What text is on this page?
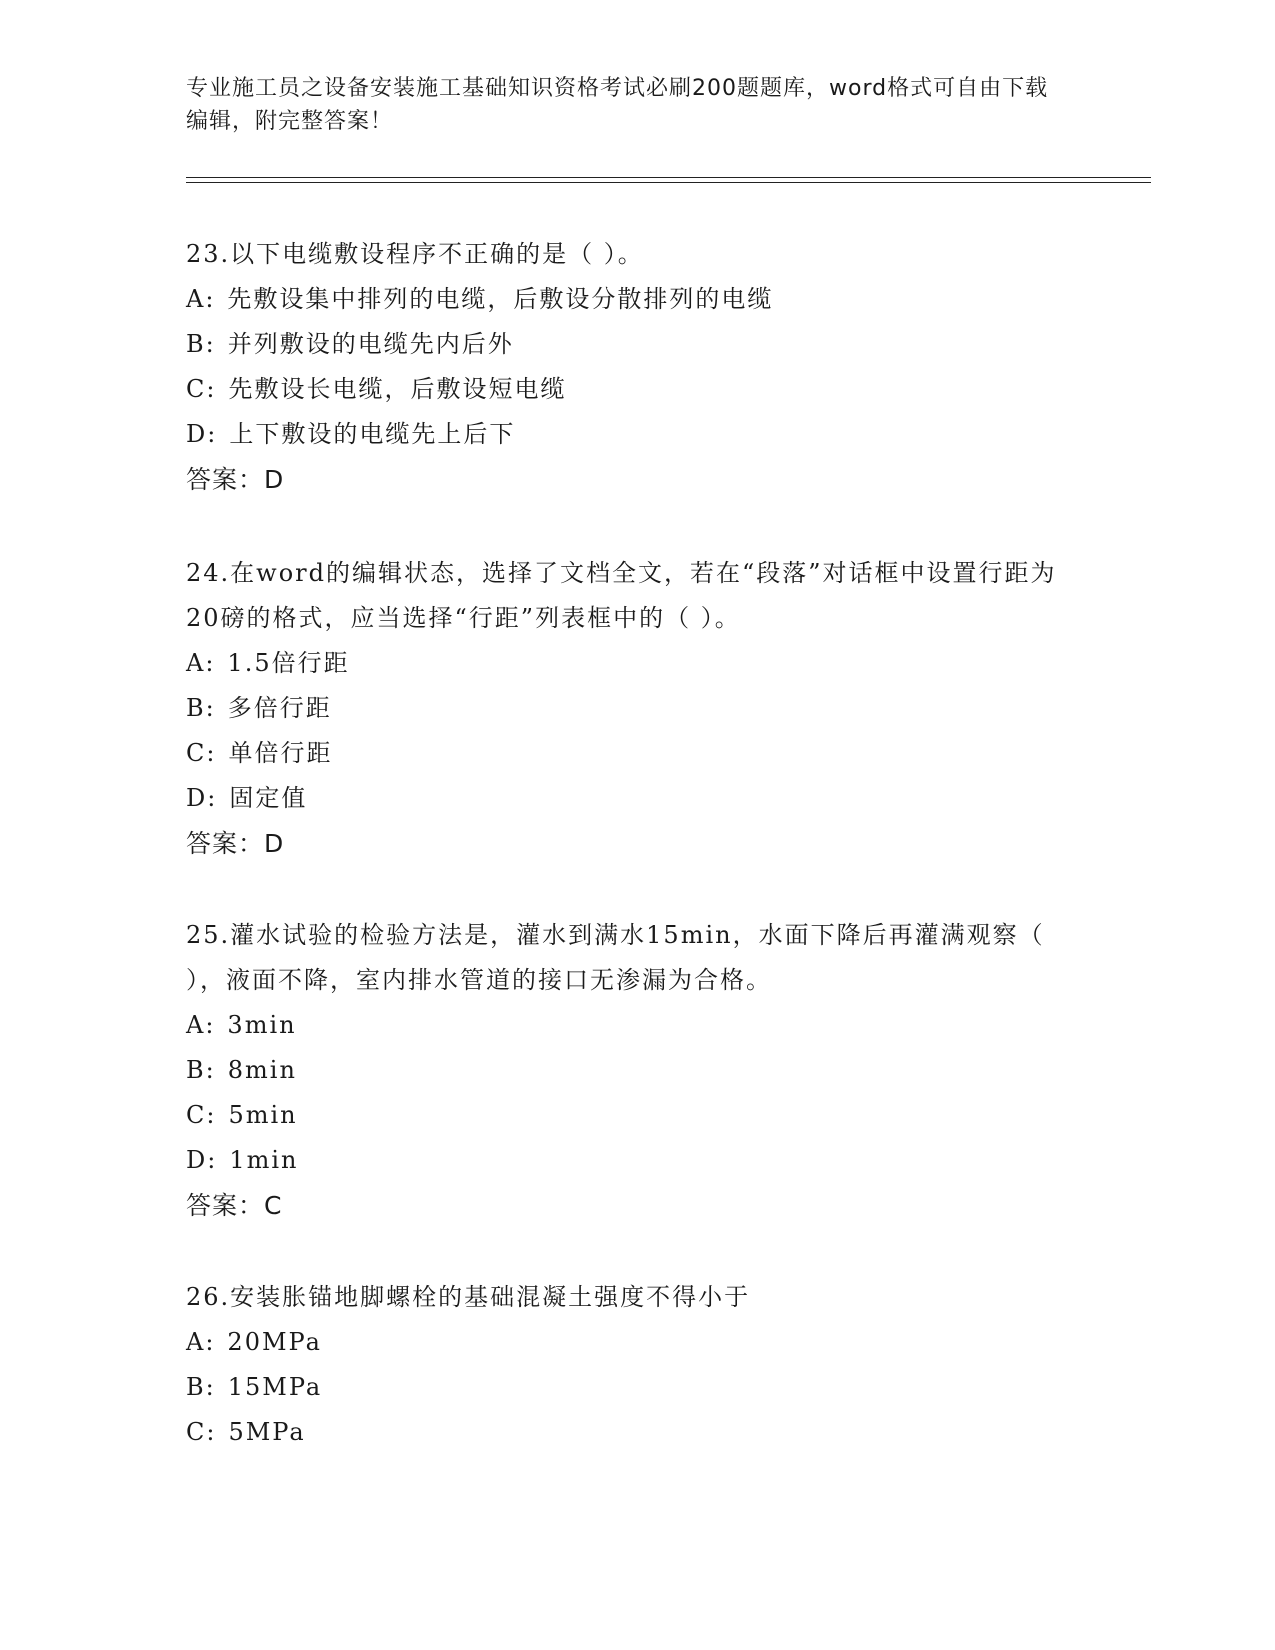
专业施工员之设备安装施工基础知识资格考试必刷200题题库，word格式可自由下载编辑，附完整答案！

23.以下电缆敷设程序不正确的是（ ）。

A: 先敷设集中排列的电缆，后敷设分散排列的电缆

B: 并列敷设的电缆先内后外

C: 先敷设长电缆，后敷设短电缆

D: 上下敷设的电缆先上后下

答案：D

24.在word的编辑状态，选择了文档全文，若在“段落”对话框中设置行距为20磅的格式，应当选择“行距”列表框中的（ ）。

A: 1.5倍行距

B: 多倍行距

C: 单倍行距

D: 固定值

答案：D

25.灌水试验的检验方法是，灌水到满水15min，水面下降后再灌满观察（ ），液面不降，室内排水管道的接口无渗漏为合格。

A: 3min

B: 8min

C: 5min

D: 1min

答案：C

26.安装胀锚地脚螺栓的基础混凝土强度不得小于

A: 20MPa

B: 15MPa

C: 5MPa
